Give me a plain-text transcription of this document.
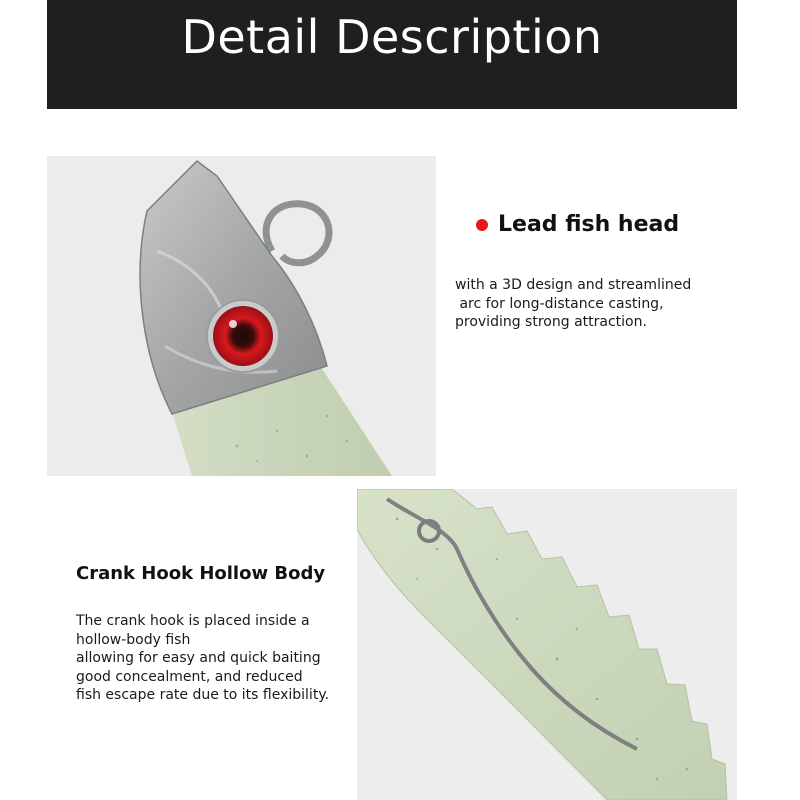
Detail Description
Lead fish head

with a 3D design and streamlined
arc for long-distance casting,
providing strong attraction.

Crank Hook Hollow Body

The crank hook is placed inside a
hollow-body fish
allowing for easy and quick baiting
good concealment, and reduced
fish escape rate due to its flexibility.
